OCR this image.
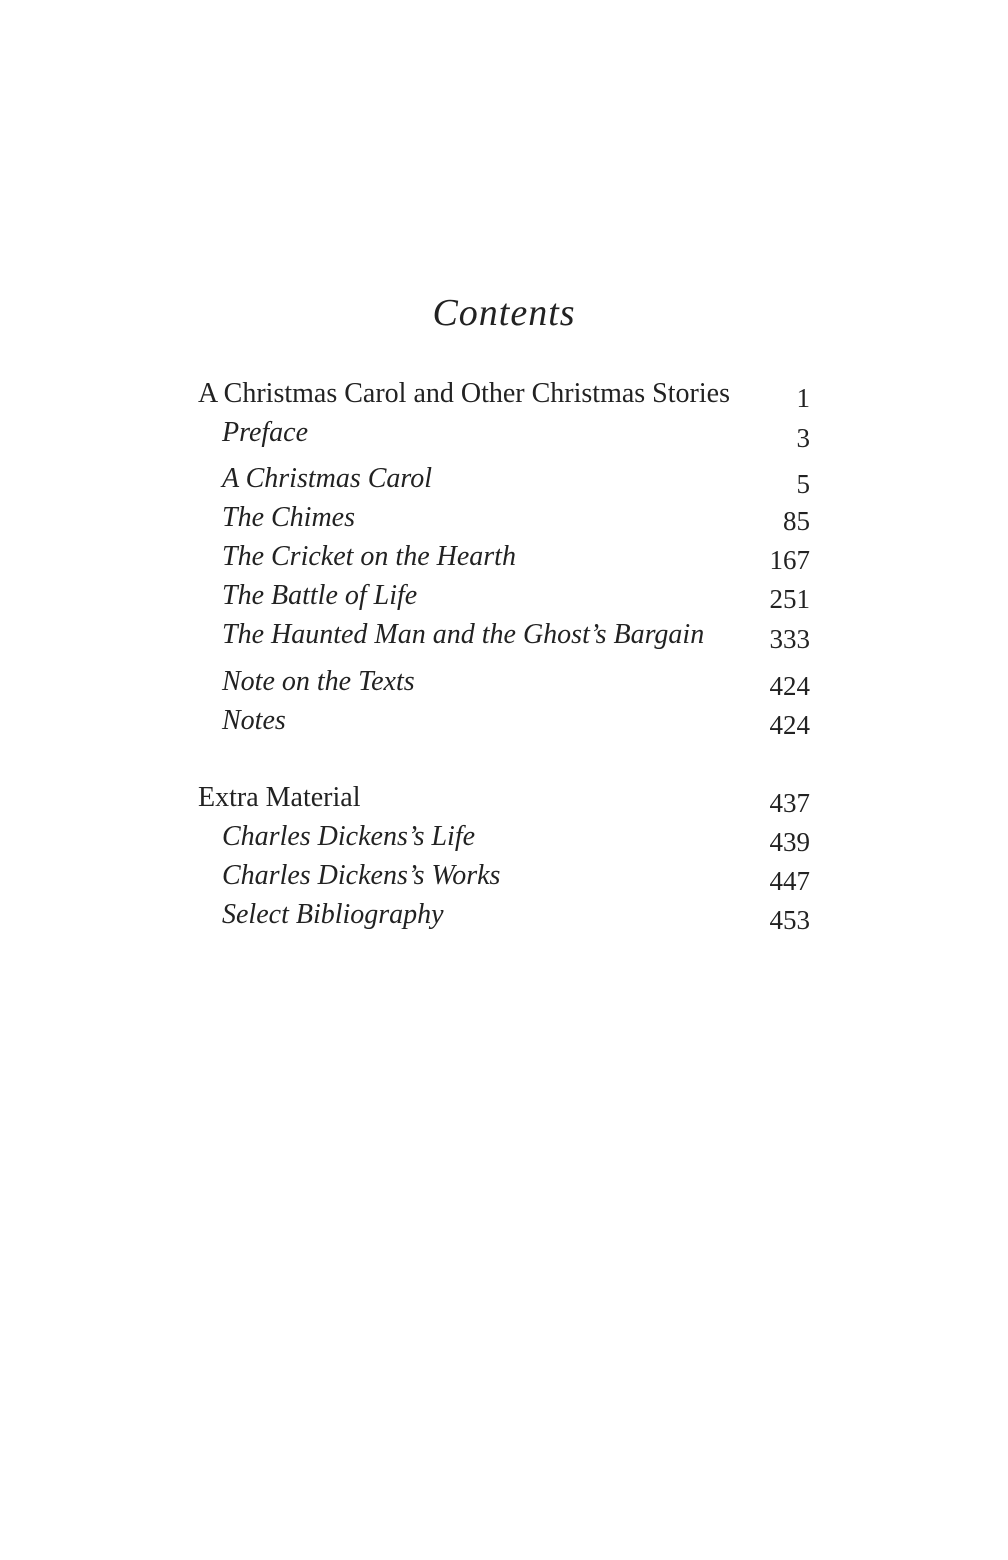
Contents
A Christmas Carol and Other Christmas Stories 1
Preface	3
A Christmas Carol	5
The Chimes	85
The Cricket on the Hearth	167
The Battle of Life	251
The Haunted Man and the Ghost’s Bargain 333
Note on the Texts	424
Notes	424
Extra Material	437
Charles Dickens’s Life	439
Charles Dickens’s Works	447
Select Bibliography	453
